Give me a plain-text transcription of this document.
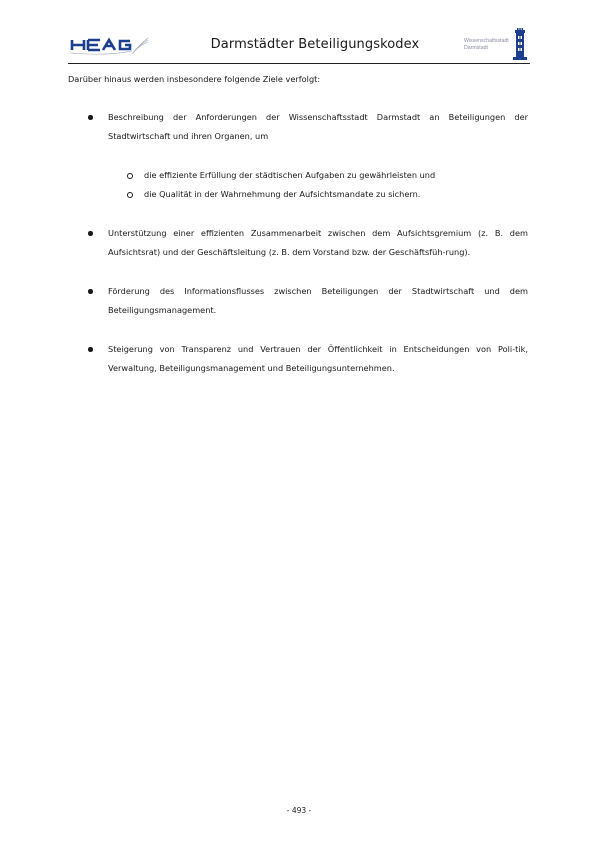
Darmstädter Beteiligungskodex	Wissenschaftsstadt
Darmstadt

Darüber hinaus werden insbesondere folgende Ziele verfolgt:

Beschreibung der Anforderungen der Wissenschaftsstadt Darmstadt an Beteiligungen der Stadtwirtschaft und ihren Organen, um
die effiziente Erfüllung der städtischen Aufgaben zu gewährleisten und
die Qualität in der Wahrnehmung der Aufsichtsmandate zu sichern.
Unterstützung einer effizienten Zusammenarbeit zwischen dem Aufsichtsgremium (z. B. dem Aufsichtsrat) und der Geschäftsleitung (z. B. dem Vorstand bzw. der Geschäftsfüh-rung).
Förderung des Informationsflusses zwischen Beteiligungen der Stadtwirtschaft und dem Beteiligungsmanagement.
Steigerung von Transparenz und Vertrauen der Öffentlichkeit in Entscheidungen von Poli-tik, Verwaltung, Beteiligungsmanagement und Beteiligungsunternehmen.
- 493 -
